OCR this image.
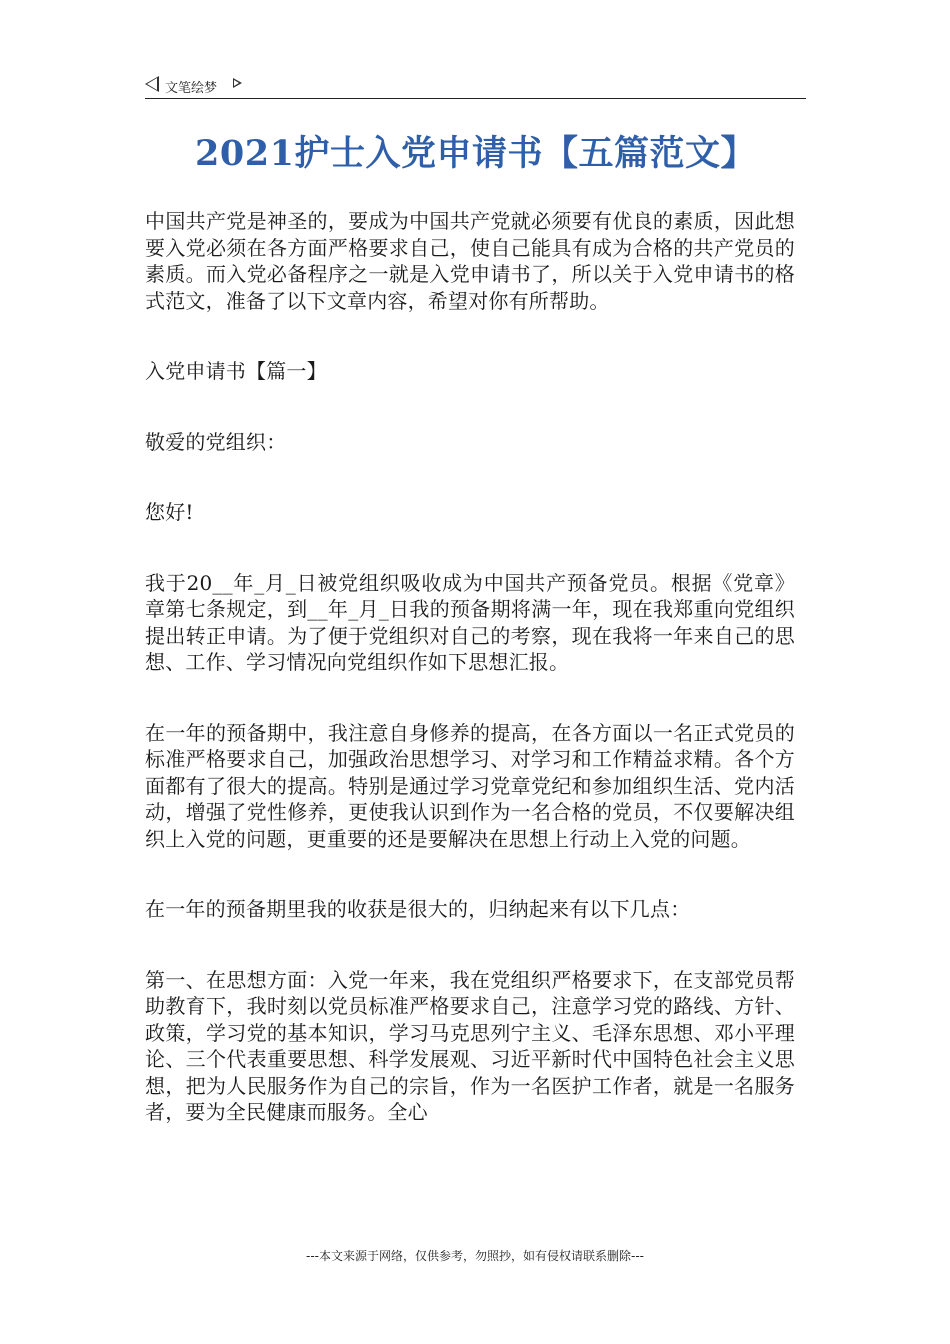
文笔绘梦
2021护士入党申请书【五篇范文】

中国共产党是神圣的，要成为中国共产党就必须要有优良的素质，因此想要入党必须在各方面严格要求自己，使自己能具有成为合格的共产党员的素质。而入党必备程序之一就是入党申请书了，所以关于入党申请书的格式范文，准备了以下文章内容，希望对你有所帮助。

入党申请书【篇一】

敬爱的党组织：

您好!

我于20__年_月_日被党组织吸收成为中国共产预备党员。根据《党章》章第七条规定，到__年_月_日我的预备期将满一年，现在我郑重向党组织提出转正申请。为了便于党组织对自己的考察，现在我将一年来自己的思想、工作、学习情况向党组织作如下思想汇报。

在一年的预备期中，我注意自身修养的提高，在各方面以一名正式党员的标准严格要求自己，加强政治思想学习、对学习和工作精益求精。各个方面都有了很大的提高。特别是通过学习党章党纪和参加组织生活、党内活动，增强了党性修养，更使我认识到作为一名合格的党员，不仅要解决组织上入党的问题，更重要的还是要解决在思想上行动上入党的问题。

在一年的预备期里我的收获是很大的，归纳起来有以下几点：

第一、在思想方面：入党一年来，我在党组织严格要求下，在支部党员帮助教育下，我时刻以党员标准严格要求自己，注意学习党的路线、方针、政策，学习党的基本知识，学习马克思列宁主义、毛泽东思想、邓小平理论、三个代表重要思想、科学发展观、习近平新时代中国特色社会主义思想，把为人民服务作为自己的宗旨，作为一名医护工作者，就是一名服务者，要为全民健康而服务。全心

---本文来源于网络，仅供参考，勿照抄，如有侵权请联系删除---
